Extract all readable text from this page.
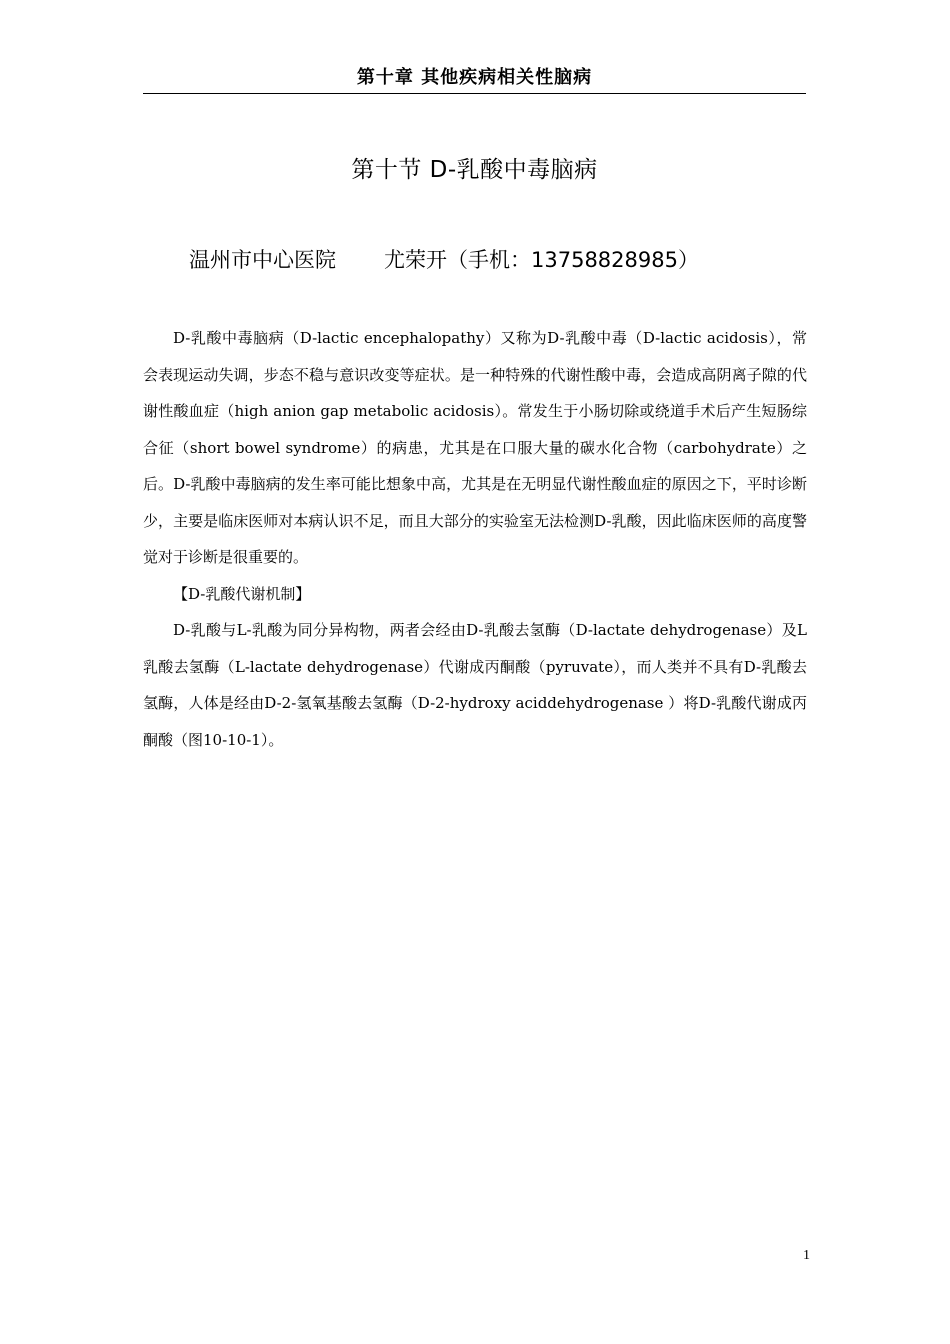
第十章 其他疾病相关性脑病
第十节 D-乳酸中毒脑病
温州市中心医院 尤荣开（手机：13758828985）

D-乳酸中毒脑病（D-lactic encephalopathy）又称为D-乳酸中毒（D-lactic acidosis），常会表现运动失调，步态不稳与意识改变等症状。是一种特殊的代谢性酸中毒，会造成高阴离子隙的代谢性酸血症（high anion gap metabolic acidosis）。常发生于小肠切除或绕道手术后产生短肠综合征（short bowel syndrome）的病患，尤其是在口服大量的碳水化合物（carbohydrate）之后。D-乳酸中毒脑病的发生率可能比想象中高，尤其是在无明显代谢性酸血症的原因之下，平时诊断少，主要是临床医师对本病认识不足，而且大部分的实验室无法检测D-乳酸，因此临床医师的高度警觉对于诊断是很重要的。

【D-乳酸代谢机制】

D-乳酸与L-乳酸为同分异构物，两者会经由D-乳酸去氢酶（D-lactate dehydrogenase）及L乳酸去氢酶（L-lactate dehydrogenase）代谢成丙酮酸（pyruvate），而人类并不具有D-乳酸去氢酶，人体是经由D-2-氢氧基酸去氢酶（D-2-hydroxy aciddehydrogenase ）将D-乳酸代谢成丙酮酸（图10-10-1）。

1
